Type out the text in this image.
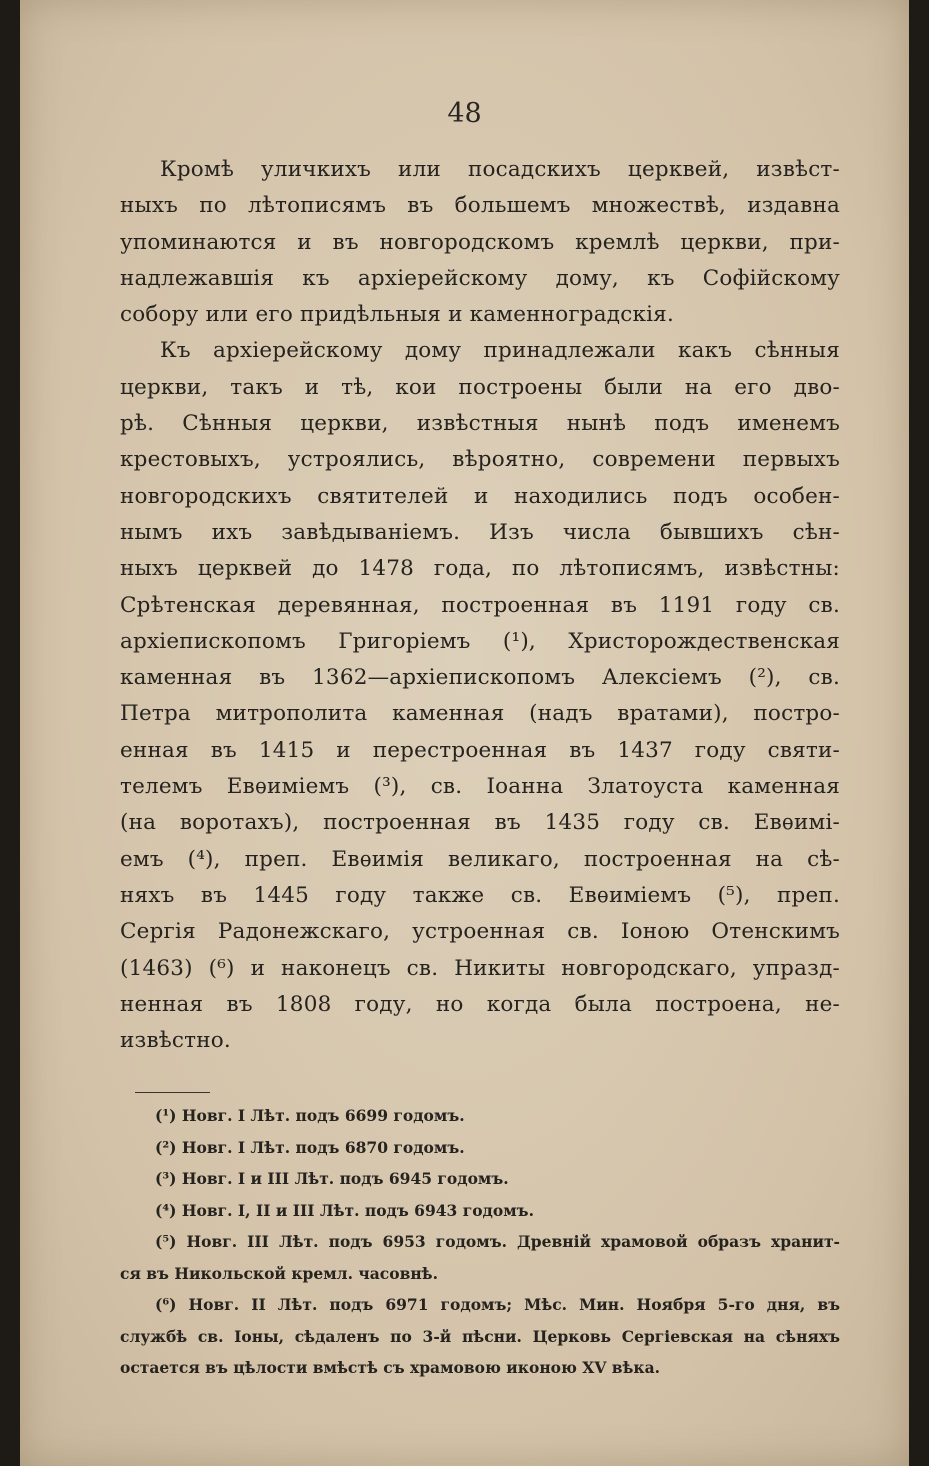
48
Кромѣ уличкихъ или посадскихъ церквей, извѣст-
ныхъ по лѣтописямъ въ большемъ множествѣ, издавна
упоминаются и въ новгородскомъ кремлѣ церкви, при-
надлежавшія къ архіерейскому дому, къ Софійскому
собору или его придѣльныя и каменноградскія.
Къ архіерейскому дому принадлежали какъ сѣнныя
церкви, такъ и тѣ, кои построены были на его дво-
рѣ. Сѣнныя церкви, извѣстныя нынѣ подъ именемъ
крестовыхъ, устроялись, вѣроятно, современи первыхъ
новгородскихъ святителей и находились подъ особен-
нымъ ихъ завѣдываніемъ. Изъ числа бывшихъ сѣн-
ныхъ церквей до 1478 года, по лѣтописямъ, извѣстны:
Срѣтенская деревянная, построенная въ 1191 году св.
архіепископомъ Григоріемъ (¹), Христорождественская
каменная въ 1362—архіепископомъ Алексіемъ (²), св.
Петра митрополита каменная (надъ вратами), постро-
енная въ 1415 и перестроенная въ 1437 году святи-
телемъ Евѳиміемъ (³), св. Іоанна Златоуста каменная
(на воротахъ), построенная въ 1435 году св. Евѳимі-
емъ (⁴), преп. Евѳимія великаго, построенная на сѣ-
няхъ въ 1445 году также св. Евѳиміемъ (⁵), преп.
Сергія Радонежскаго, устроенная св. Іоною Отенскимъ
(1463) (⁶) и наконецъ св. Никиты новгородскаго, упразд-
ненная въ 1808 году, но когда была построена, не-
извѣстно.
(¹) Новг. I Лѣт. подъ 6699 годомъ.
(²) Новг. I Лѣт. подъ 6870 годомъ.
(³) Новг. I и III Лѣт. подъ 6945 годомъ.
(⁴) Новг. I, II и III Лѣт. подъ 6943 годомъ.
(⁵) Новг. III Лѣт. подъ 6953 годомъ. Древній храмовой образъ хранит-
ся въ Никольской кремл. часовнѣ.
(⁶) Новг. II Лѣт. подъ 6971 годомъ; Мѣс. Мин. Ноября 5-го дня, въ
службѣ св. Іоны, сѣдаленъ по 3-й пѣсни. Церковь Сергіевская на сѣняхъ
остается въ цѣлости вмѣстѣ съ храмовою иконою XV вѣка.
